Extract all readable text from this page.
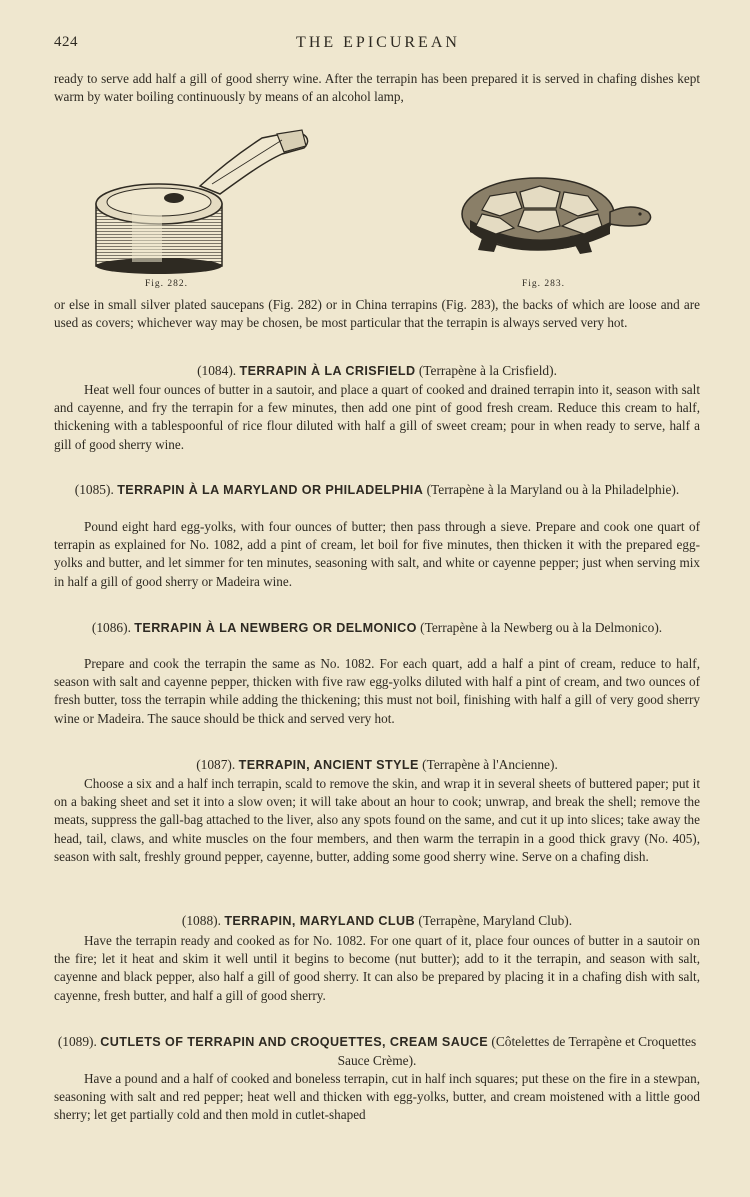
424	THE EPICUREAN

ready to serve add half a gill of good sherry wine. After the terrapin has been prepared it is served in chafing dishes kept warm by water boiling continuously by means of an alcohol lamp,

Fig. 282.	Fig. 283.

or else in small silver plated saucepans (Fig. 282) or in China terrapins (Fig. 283), the backs of which are loose and are used as covers; whichever way may be chosen, be most particular that the terrapin is always served very hot.

(1084). TERRAPIN À LA CRISFIELD (Terrapène à la Crisfield).

Heat well four ounces of butter in a sautoir, and place a quart of cooked and drained terrapin into it, season with salt and cayenne, and fry the terrapin for a few minutes, then add one pint of good fresh cream. Reduce this cream to half, thickening with a tablespoonful of rice flour diluted with half a gill of sweet cream; pour in when ready to serve, half a gill of good sherry wine.

(1085). TERRAPIN À LA MARYLAND OR PHILADELPHIA (Terrapène à la Maryland ou à la Philadelphie).

Pound eight hard egg-yolks, with four ounces of butter; then pass through a sieve. Prepare and cook one quart of terrapin as explained for No. 1082, add a pint of cream, let boil for five minutes, then thicken it with the prepared egg-yolks and butter, and let simmer for ten minutes, seasoning with salt, and white or cayenne pepper; just when serving mix in half a gill of good sherry or Madeira wine.

(1086). TERRAPIN À LA NEWBERG OR DELMONICO (Terrapène à la Newberg ou à la Delmonico).

Prepare and cook the terrapin the same as No. 1082. For each quart, add a half a pint of cream, reduce to half, season with salt and cayenne pepper, thicken with five raw egg-yolks diluted with half a pint of cream, and two ounces of fresh butter, toss the terrapin while adding the thickening; this must not boil, finishing with half a gill of very good sherry wine or Madeira. The sauce should be thick and served very hot.

(1087). TERRAPIN, ANCIENT STYLE (Terrapène à l'Ancienne).

Choose a six and a half inch terrapin, scald to remove the skin, and wrap it in several sheets of buttered paper; put it on a baking sheet and set it into a slow oven; it will take about an hour to cook; unwrap, and break the shell; remove the meats, suppress the gall-bag attached to the liver, also any spots found on the same, and cut it up into slices; take away the head, tail, claws, and white muscles on the four members, and then warm the terrapin in a good thick gravy (No. 405), season with salt, freshly ground pepper, cayenne, butter, adding some good sherry wine. Serve on a chafing dish.

(1088). TERRAPIN, MARYLAND CLUB (Terrapène, Maryland Club).

Have the terrapin ready and cooked as for No. 1082. For one quart of it, place four ounces of butter in a sautoir on the fire; let it heat and skim it well until it begins to become (nut butter); add to it the terrapin, and season with salt, cayenne and black pepper, also half a gill of good sherry. It can also be prepared by placing it in a chafing dish with salt, cayenne, fresh butter, and half a gill of good sherry.

(1089). CUTLETS OF TERRAPIN AND CROQUETTES, CREAM SAUCE (Côtelettes de Terrapène et Croquettes Sauce Crème).

Have a pound and a half of cooked and boneless terrapin, cut in half inch squares; put these on the fire in a stewpan, seasoning with salt and red pepper; heat well and thicken with egg-yolks, butter, and cream moistened with a little good sherry; let get partially cold and then mold in cutlet-shaped
